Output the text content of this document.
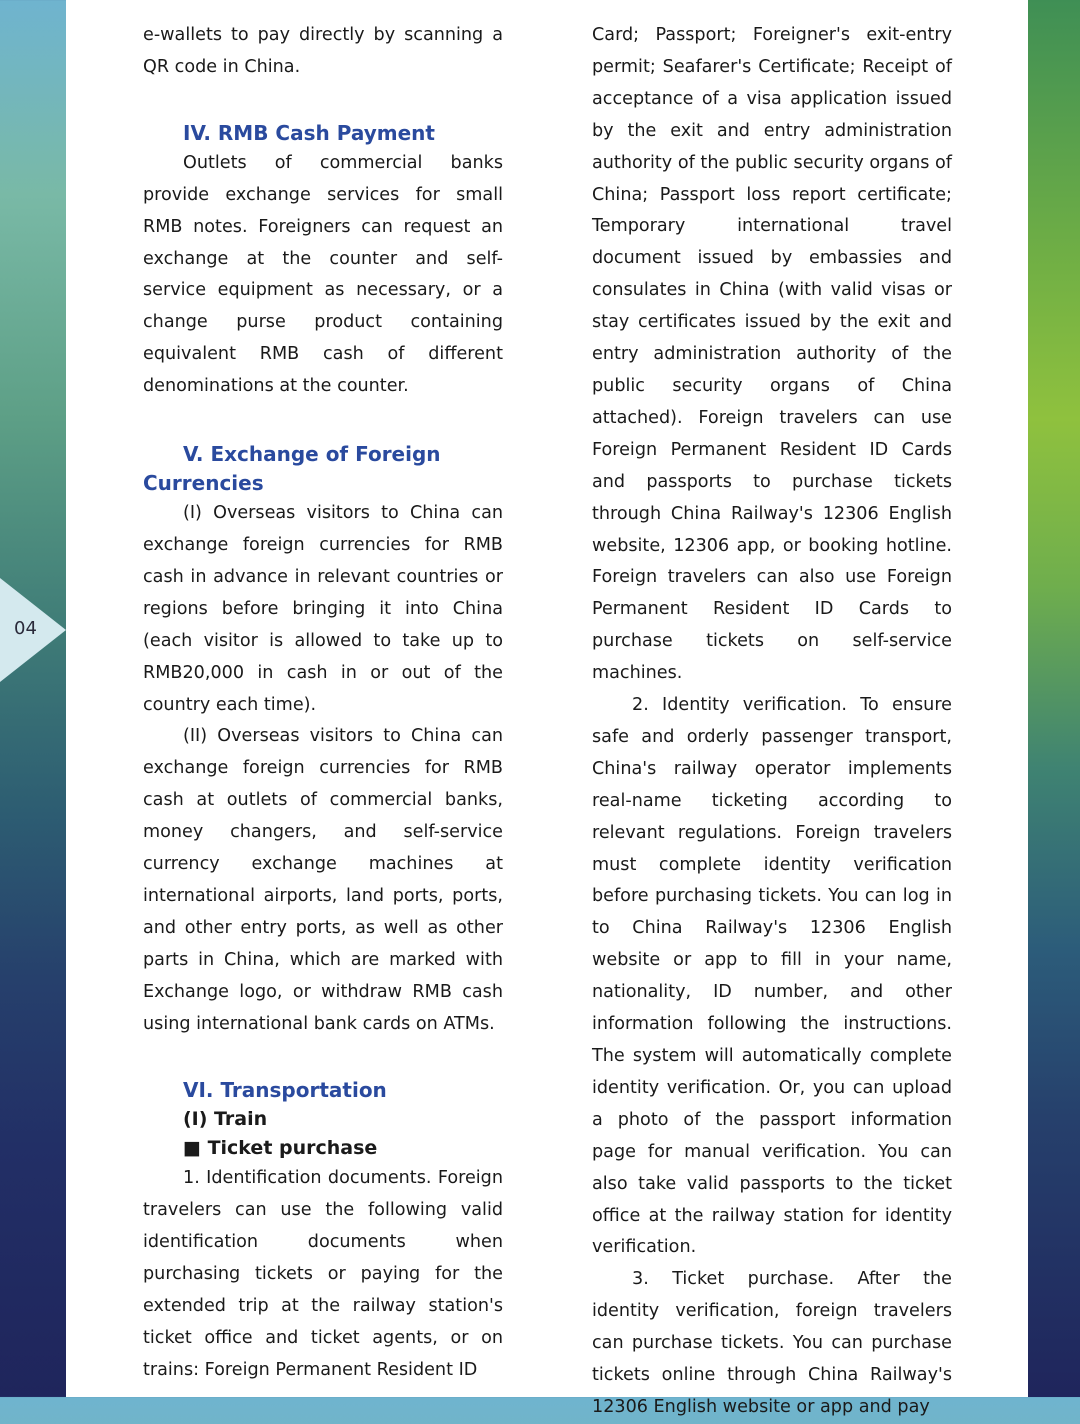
04

e-wallets to pay directly by scanning a QR code in China.

IV. RMB Cash Payment

Outlets of commercial banks provide exchange services for small RMB notes. Foreigners can request an exchange at the counter and self-service equipment as necessary, or a change purse product containing equivalent RMB cash of different denominations at the counter.

V. Exchange of Foreign Currencies

(I) Overseas visitors to China can exchange foreign currencies for RMB cash in advance in relevant countries or regions before bringing it into China (each visitor is allowed to take up to RMB20,000 in cash in or out of the country each time).

(II) Overseas visitors to China can exchange foreign currencies for RMB cash at outlets of commercial banks, money changers, and self-service currency exchange machines at international airports, land ports, ports, and other entry ports, as well as other parts in China, which are marked with Exchange logo, or withdraw RMB cash using international bank cards on ATMs.

VI. Transportation
(I) Train
■ Ticket purchase

1. Identification documents. Foreign travelers can use the following valid identification documents when purchasing tickets or paying for the extended trip at the railway station's ticket office and ticket agents, or on trains: Foreign Permanent Resident ID

Card; Passport; Foreigner's exit-entry permit; Seafarer's Certificate; Receipt of acceptance of a visa application issued by the exit and entry administration authority of the public security organs of China; Passport loss report certificate; Temporary international travel document issued by embassies and consulates in China (with valid visas or stay certificates issued by the exit and entry administration authority of the public security organs of China attached). Foreign travelers can use Foreign Permanent Resident ID Cards and passports to purchase tickets through China Railway's 12306 English website, 12306 app, or booking hotline. Foreign travelers can also use Foreign Permanent Resident ID Cards to purchase tickets on self-service machines.

2. Identity verification. To ensure safe and orderly passenger transport, China's railway operator implements real-name ticketing according to relevant regulations. Foreign travelers must complete identity verification before purchasing tickets. You can log in to China Railway's 12306 English website or app to fill in your name, nationality, ID number, and other information following the instructions. The system will automatically complete identity verification. Or, you can upload a photo of the passport information page for manual verification. You can also take valid passports to the ticket office at the railway station for identity verification.

3. Ticket purchase. After the identity verification, foreign travelers can purchase tickets. You can purchase tickets online through China Railway's 12306 English website or app and pay
